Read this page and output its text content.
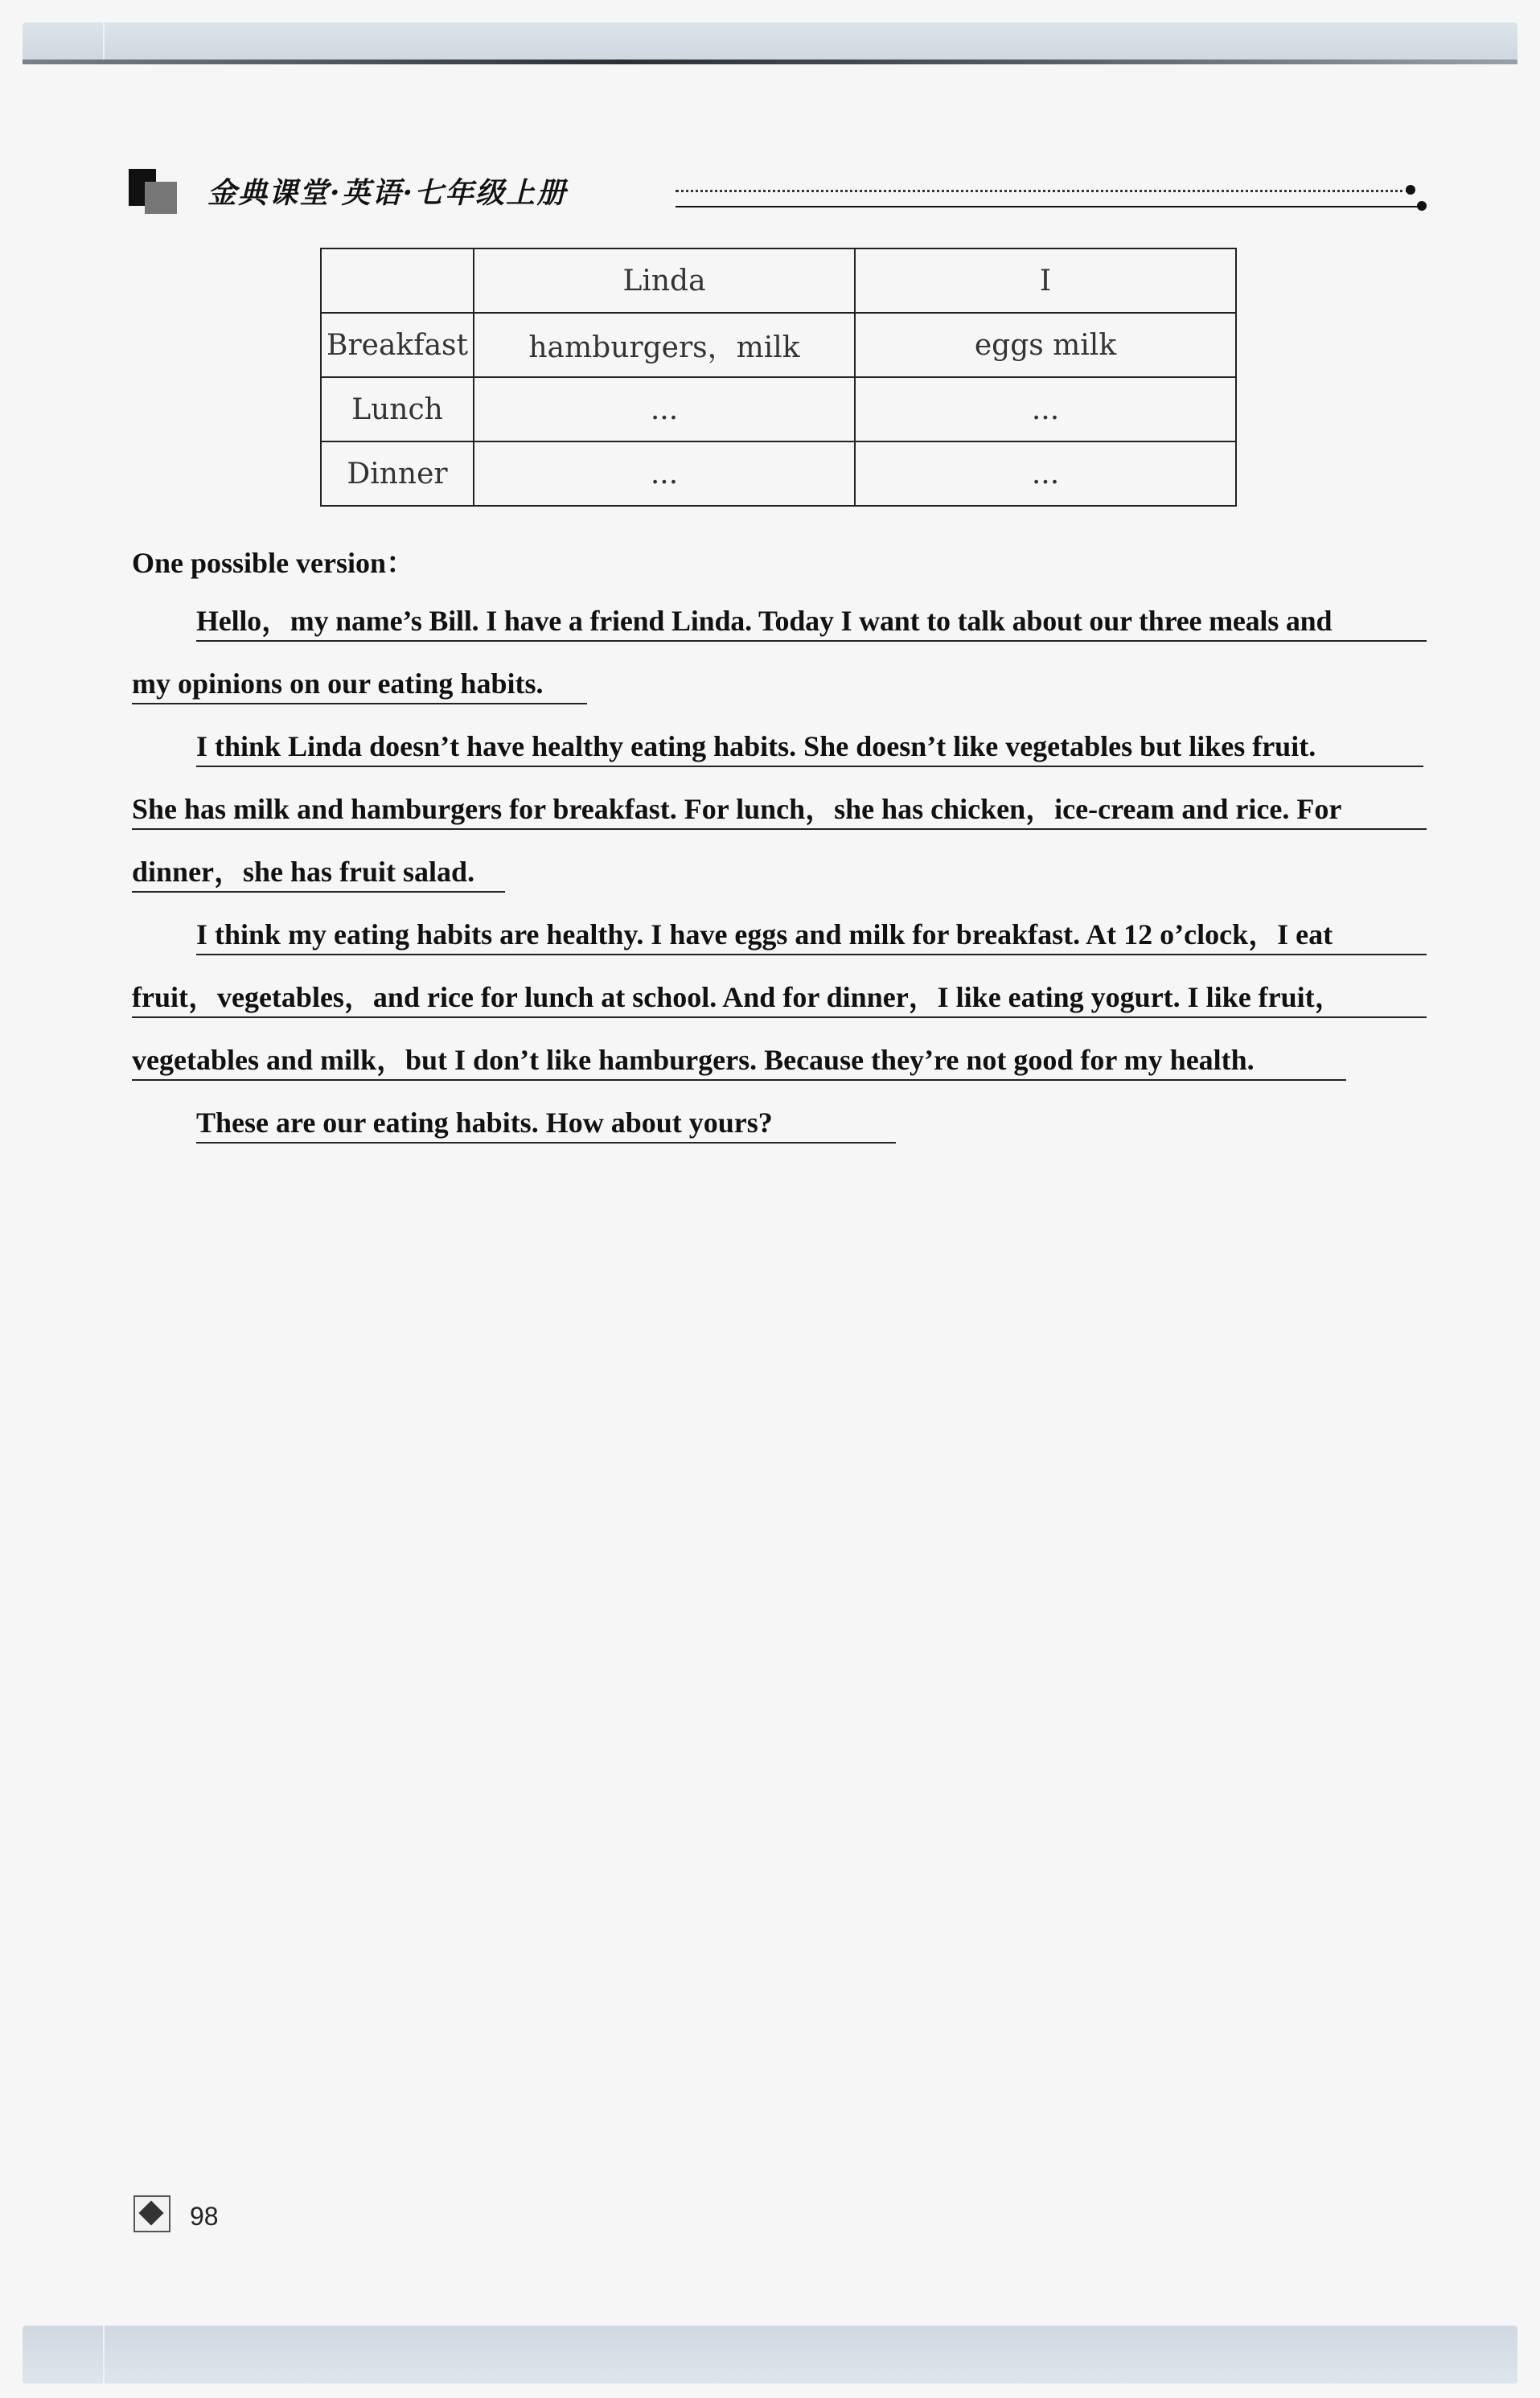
金典课堂·英语·七年级上册
	Linda	I
Breakfast	hamburgers，milk	eggs milk
Lunch	...	...
Dinner	...	...
One possible version：
Hello，my name’s Bill. I have a friend Linda. Today I want to talk about our three meals and
my opinions on our eating habits.
I think Linda doesn’t have healthy eating habits. She doesn’t like vegetables but likes fruit.
She has milk and hamburgers for breakfast. For lunch，she has chicken，ice-cream and rice. For
dinner，she has fruit salad.
I think my eating habits are healthy. I have eggs and milk for breakfast. At 12 o’clock，I eat
fruit，vegetables，and rice for lunch at school. And for dinner，I like eating yogurt. I like fruit，
vegetables and milk，but I don’t like hamburgers. Because they’re not good for my health.
These are our eating habits. How about yours?
98
